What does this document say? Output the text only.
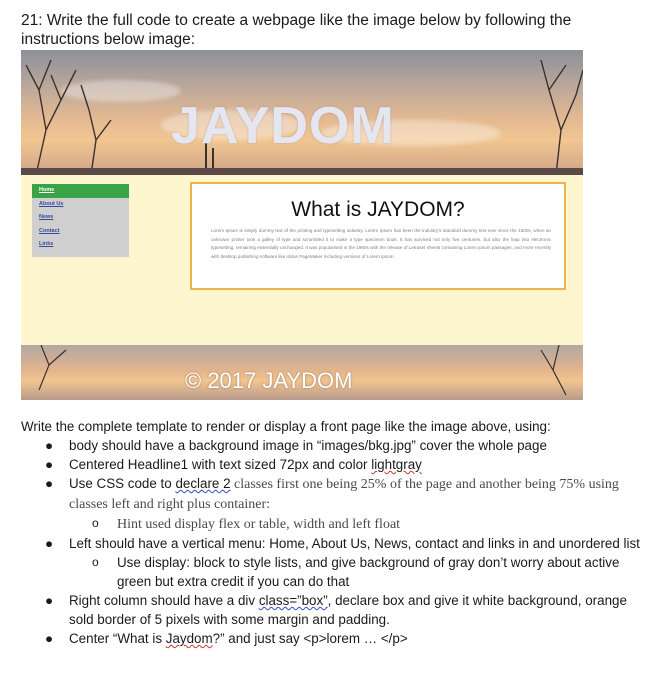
21: Write the full code to create a webpage like the image below by following the instructions below image:
JAYDOM
Home
About Us
News
Contact
Links
What is JAYDOM?

Lorem Ipsum is simply dummy text of the printing and typesetting industry. Lorem Ipsum has been the industry's standard dummy text ever since the 1500s, when an unknown printer took a galley of type and scrambled it to make a type specimen book. It has survived not only five centuries, but also the leap into electronic typesetting, remaining essentially unchanged. It was popularised in the 1960s with the release of Letraset sheets containing Lorem Ipsum passages, and more recently with desktop publishing software like Aldus PageMaker including versions of Lorem Ipsum.

© 2017 JAYDOM
Write the complete template to render or display a front page like the image above, using:
● body should have a background image in “images/bkg.jpg” cover the whole page
● Centered Headline1 with text sized 72px and color lightgray
● Use CSS code to declare 2 classes first one being 25% of the page and another being 75% using classes left and right plus container:
o Hint used display flex or table, width and left float
● Left should have a vertical menu: Home, About Us, News, contact and links in and unordered list
o Use display: block to style lists, and give background of gray don’t worry about active green but extra credit if you can do that
● Right column should have a div class=”box”, declare box and give it white background, orange sold border of 5 pixels with some margin and padding.
● Center “What is Jaydom?” and just say <p>lorem … </p>
